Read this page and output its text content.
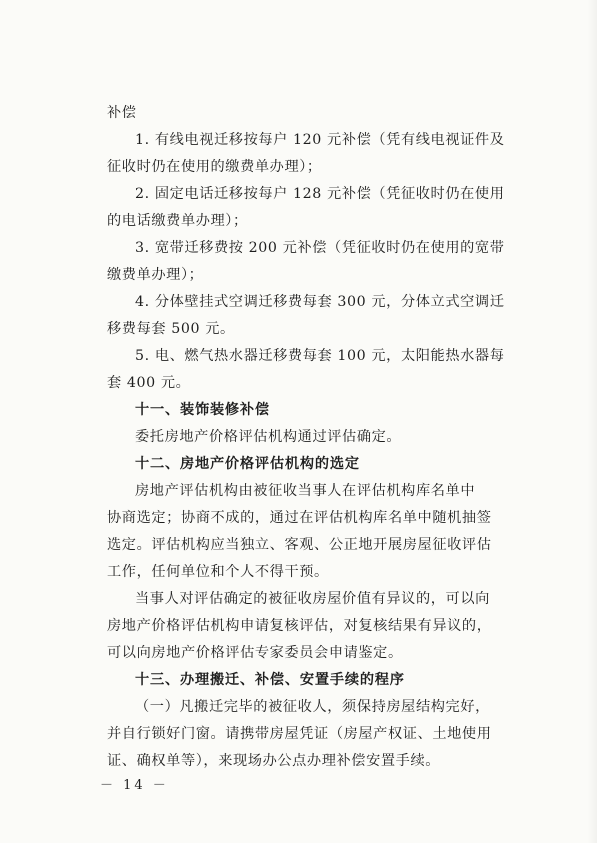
补偿
1. 有线电视迁移按每户 120 元补偿（凭有线电视证件及
征收时仍在使用的缴费单办理）；
2. 固定电话迁移按每户 128 元补偿（凭征收时仍在使用
的电话缴费单办理）；
3. 宽带迁移费按 200 元补偿（凭征收时仍在使用的宽带
缴费单办理）；
4. 分体壁挂式空调迁移费每套 300 元，分体立式空调迁
移费每套 500 元。
5. 电、燃气热水器迁移费每套 100 元，太阳能热水器每
套 400 元。
十一、装饰装修补偿
委托房地产价格评估机构通过评估确定。
十二、房地产价格评估机构的选定
房地产评估机构由被征收当事人在评估机构库名单中
协商选定；协商不成的，通过在评估机构库名单中随机抽签
选定。评估机构应当独立、客观、公正地开展房屋征收评估
工作，任何单位和个人不得干预。
当事人对评估确定的被征收房屋价值有异议的，可以向
房地产价格评估机构申请复核评估，对复核结果有异议的，
可以向房地产价格评估专家委员会申请鉴定。
十三、办理搬迁、补偿、安置手续的程序
（一）凡搬迁完毕的被征收人，须保持房屋结构完好，
并自行锁好门窗。请携带房屋凭证（房屋产权证、土地使用
证、确权单等），来现场办公点办理补偿安置手续。
－ 14 －
